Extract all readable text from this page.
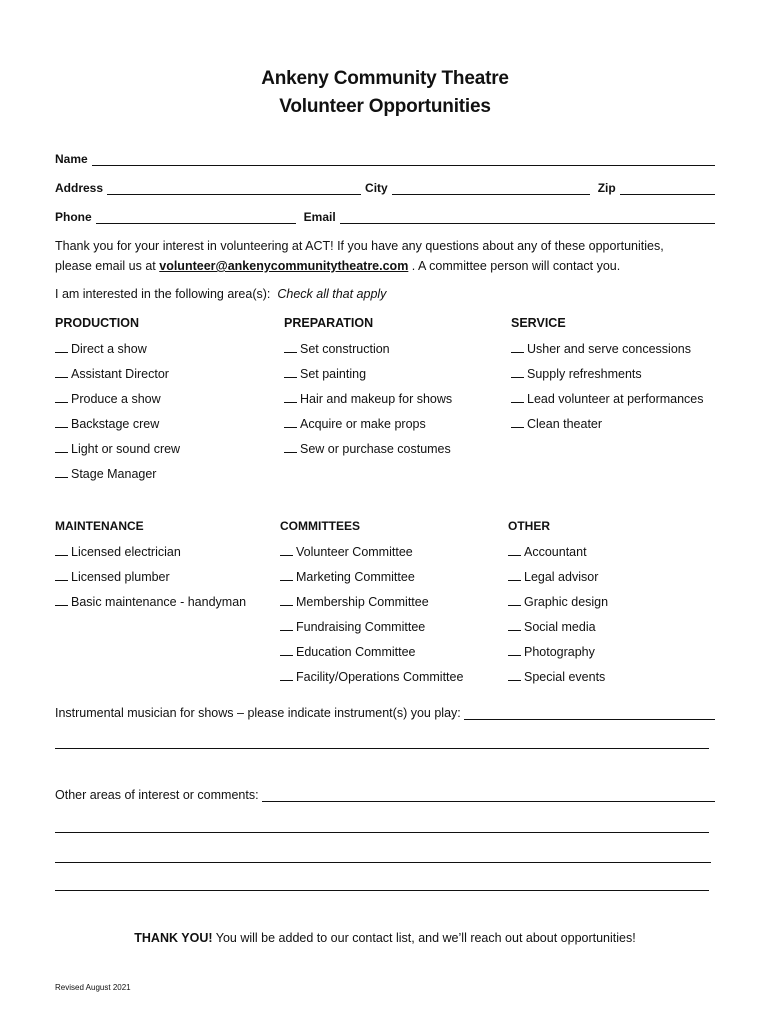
Ankeny Community Theatre
Volunteer Opportunities
Name
Address	City	Zip
Phone	Email
Thank you for your interest in volunteering at ACT! If you have any questions about any of these opportunities,
please email us at volunteer@ankenycommunitytheatre.com . A committee person will contact you.
I am interested in the following area(s): Check all that apply
PRODUCTION
Direct a show
Assistant Director
Produce a show
Backstage crew
Light or sound crew
Stage Manager
PREPARATION
Set construction
Set painting
Hair and makeup for shows
Acquire or make props
Sew or purchase costumes
SERVICE
Usher and serve concessions
Supply refreshments
Lead volunteer at performances
Clean theater
MAINTENANCE
Licensed electrician
Licensed plumber
Basic maintenance - handyman
COMMITTEES
Volunteer Committee
Marketing Committee
Membership Committee
Fundraising Committee
Education Committee
Facility/Operations Committee
OTHER
Accountant
Legal advisor
Graphic design
Social media
Photography
Special events
Instrumental musician for shows – please indicate instrument(s) you play:
Other areas of interest or comments:
THANK YOU! You will be added to our contact list, and we’ll reach out about opportunities!
Revised August 2021
